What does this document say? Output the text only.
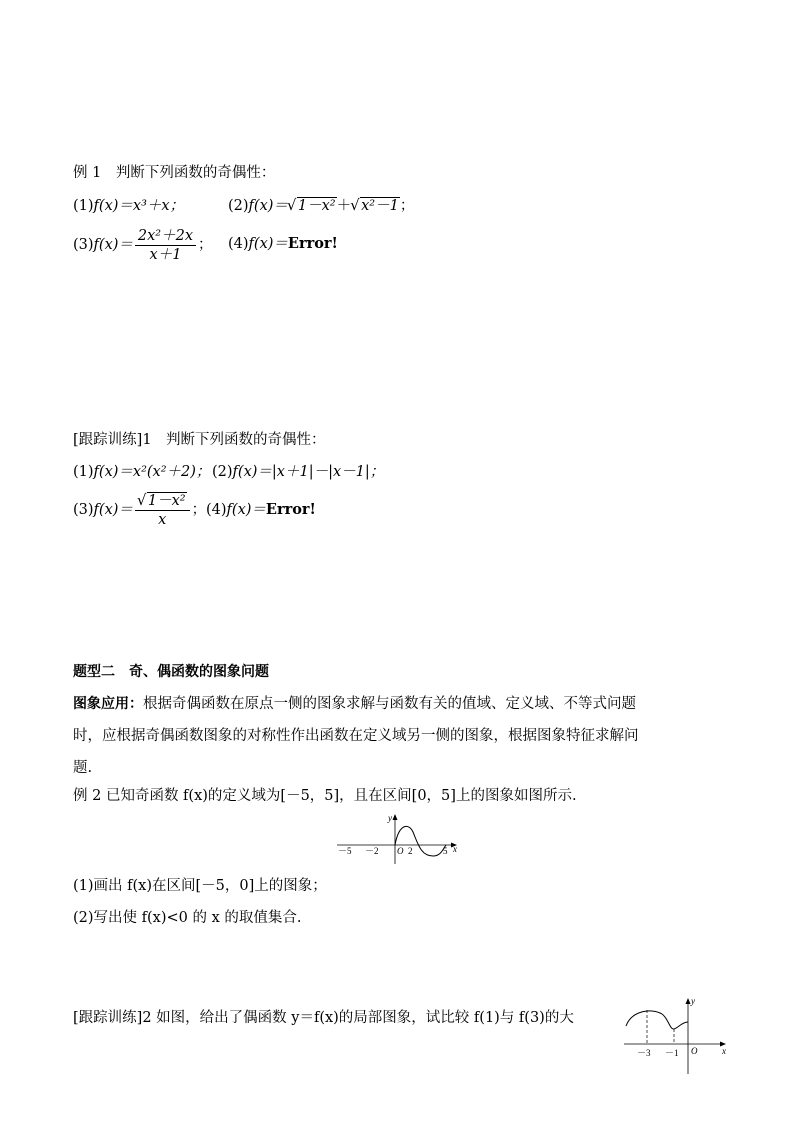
例 1　判断下列函数的奇偶性：
(1)f(x)＝x³＋x；	(2)f(x)＝ √ 1－x²＋ √ x²－1；
$(3)f(x)= \frac{\text{2x²＋2x}}{x+1}$ ； (4)f(x)＝Error!
[跟踪训练]1　判断下列函数的奇偶性：
(1)f(x)＝x²(x²＋2)； (2)f(x)＝|x＋1|－|x－1|；
(3)f(x)＝ √ $\frac{\text{1－x²}}{x}$ ； (4)f(x)＝Error!
题型二　奇、偶函数的图象问题
图象应用：根据奇偶函数在原点一侧的图象求解与函数有关的值域、定义域、不等式问题
时，应根据奇偶函数图象的对称性作出函数在定义域另一侧的图象，根据图象特征求解问
题.
例 2 已知奇函数 f(x)的定义域为[－5，5]，且在区间[0，5]上的图象如图所示.
y
x
O
－5 －2	2	5
(1)画出 f(x)在区间[－5，0]上的图象；
(2)写出使 f(x)<0 的 x 的取值集合.
[跟踪训练]2 如图，给出了偶函数 y＝f(x)的局部图象，试比较 f(1)与 f(3)的大
y
x
O
－3 －1
